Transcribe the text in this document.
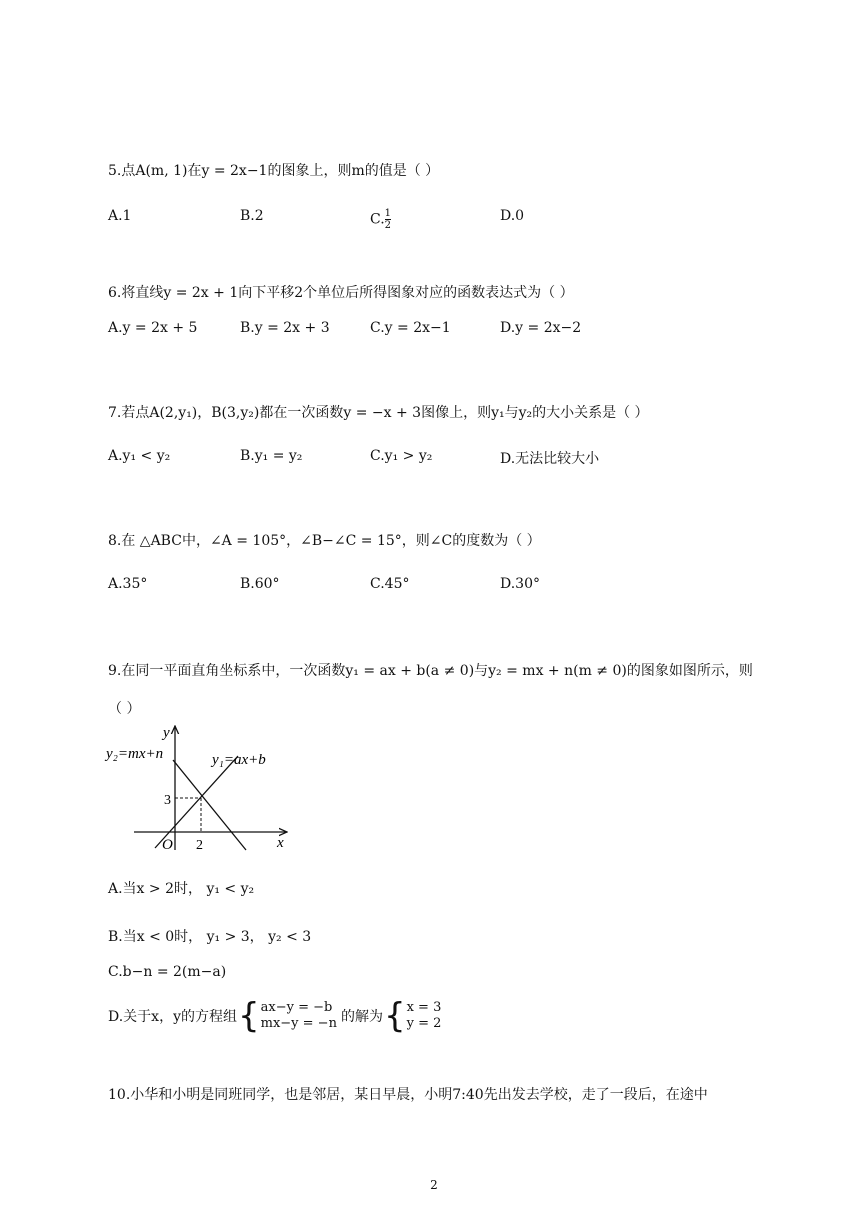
5.点A(m, 1)在y = 2x−1的图象上，则m的值是（ ）
A.1	B.2	C. $\frac{1}{2}$	D.0
6.将直线y = 2x + 1向下平移2个单位后所得图象对应的函数表达式为（ ）
A.y = 2x + 5	B.y = 2x + 3	C.y = 2x−1	D.y = 2x−2
7.若点A(2,y₁)，B(3,y₂)都在一次函数y = −x + 3图像上，则y₁与y₂的大小关系是（ ）
A.y₁ < y₂	B.y₁ = y₂	C.y₁ > y₂	D.无法比较大小
8.在 △ABC中，∠A = 105°，∠B−∠C = 15°，则∠C的度数为（ ）
A.35°	B.60°	C.45°	D.30°
9.在同一平面直角坐标系中，一次函数y₁ = ax + b(a ≠ 0)与y₂ = mx + n(m ≠ 0)的图象如图所示，则
（ ）
y₂=mx+n	y₁=ax+b
y
x
O 2
3
A.当x > 2时， y₁ < y₂
B.当x < 0时， y₁ > 3， y₂ < 3
C.b−n = 2(m−a)
D.关于x，y的方程组 { ax−y = −b
mx−y = −n 的解为 { x = 3
y = 2
10.小华和小明是同班同学，也是邻居，某日早晨，小明7:40先出发去学校，走了一段后，在途中
2
